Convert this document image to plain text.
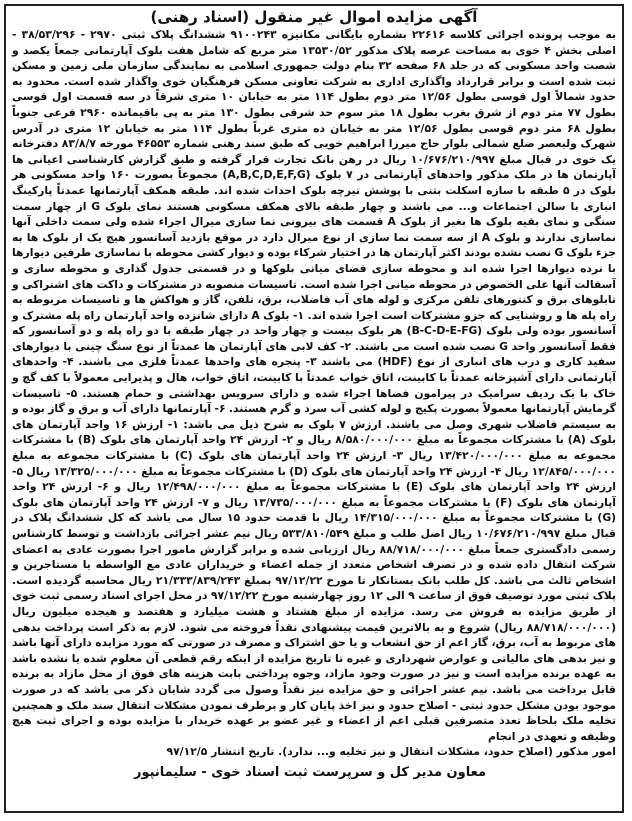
آگهی مزایده اموال غیر منقول (اسناد رهنی)
به موجب پرونده اجرائی کلاسه ۲۲۶۱۶ بشماره بایگانی مکانیزه ۹۱۰۰۲۴۳ ششدانگ پلاک ثبتی ۲۹۷۰ - ۳۸/۵۳/۲۹۶ - اصلی بخش ۴ خوی به مساحت عرصه پلاک مذکور ۱۳۵۳۰/۵۲ متر مربع که شامل هفت بلوک آپارتمانی جمعاً یکصد و شصت واحد مسکونی که در جلد ۶۸ صفحه ۳۲ بنام دولت جمهوری اسلامی به نمایندگی سازمان ملی زمین و مسکن ثبت شده است و برابر قرارداد واگذاری اداری به شرکت تعاونی مسکن فرهنگیان خوی واگذار شده است. محدود به حدود شمالاً اول قوسی بطول ۱۲/۵۶ متر دوم بطول ۱۱۴ متر به خیابان ۱۰ متری شرقاً در سه قسمت اول قوسی بطول ۷۷ متر دوم از شرق بغرب بطول ۱۸ متر سوم حد شرقی بطول ۱۳۰ متر به پی باقیمانده ۲۹۶۰ فرعی جنوباً بطول ۶۸ متر دوم قوسی بطول ۱۲/۵۶ متر به خیابان ده متری غرباً بطول ۱۱۴ متر به خیابان ۱۲ متری در آدرس شهرک ولیعصر ضلع شمالی بلوار حاج میرزا ابراهیم خویی که طبق سند رهنی شماره ۴۶۵۵۳ مورخه ۸۳/۸/۷ دفترخانه یک خوی در قبال مبلغ ۱۰/۶۷۶/۲۱۰/۹۹۷ ریال در رهن بانک تجارت قرار گرفته و طبق گزارش کارشناسی اعیانی ها آپارتمان ها در ملک مذکور واحدهای آپارتمانی در ۷ بلوک (A,B,C,D,E,F,G) مجموعاً بصورت ۱۶۰ واحد مسکونی هر بلوک در ۵ طبقه با سازه اسکلت بتنی با پوشش تیرچه بلوک احداث شده اند. طبقه همکف آپارتمانها عمدتاً پارکینگ انباری با سالن اجتماعات و... می باشند و چهار طبقه بالای همکف مسکونی هستند نمای بلوک G از چهار سمت سنگی و نمای بقیه بلوک ها بغیر از بلوک A قسمت های بیرونی نما سازی میرال اجراء شده ولی سمت داخلی آنها نماسازی ندارند و بلوک A از سه سمت نما سازی از نوع میرال دارد در موقع بازدید آسانسور هیچ یک از بلوک ها به جزء بلوک G نصب نشده بودند اکثر آپارتمان ها در اختیار شرکاء بوده و دیوار کشی محوطه با نماسازی طرفین دیوارها با نرده دیوارها اجرا شده اند و محوطه سازی فضای میانی بلوکها و در قسمتی جدول گذاری و محوطه سازی و آسفالت آنها علی الخصوص در محوطه میانی اجرا شده است. تاسیسات منصوبه در مشترکات و داکت های اشتراکی و تابلوهای برق و کنتورهای تلفن مرکزی و لوله های آب فاضلاب، برق، تلفن، گاز و هواکش ها و تاسیسات مربوطه به راه پله ها و روشنایی که جزو مشترکات است اجرا شده اند. ۱- بلوک A دارای شانزده واحد آپارتمان راه پله مشترک و آسانسور بوده ولی بلوک (B-C-D-E-FG) هر بلوک بیست و چهار واحد در چهار طبقه با دو راه پله و دو آسانسور که فقط آسانسور واحد G نصب شده است می باشند. ۲- کف لابی های آپارتمان ها عمدتاً از نوع سنگ چینی با دیوارهای سفید کاری و درب های انباری از نوع (HDF) می باشند ۳- پنجره های واحدها عمدتاً فلزی می باشند. ۴- واحدهای آپارتمانی دارای آشپزخانه عمدتاً با کابینت، اتاق خواب عمدتاً با کابینت، اتاق خواب، هال و پذیرایی معمولاً با کف گچ و خاک با یک ردیف سرامیک در پیرامون فضاها اجراء شده و دارای سرویس بهداشتی و حمام هستند. ۵- تاسیسات گرمایش آپارتمانها معمولاً بصورت پکیج و لوله کشی آب سرد و گرم هستند. ۶- آپارتمانها دارای آب و برق و گاز بوده و به سیستم فاضلاب شهری وصل می باشند. ارزش ۷ بلوک به شرح ذیل می باشد: ۱- ارزش ۱۶ واحد آپارتمان های بلوک (A) با مشترکات مجموعاً به مبلغ ۸/۵۸۰/۰۰۰/۰۰۰ ریال و ۲- ارزش ۲۴ واحد آپارتمان های بلوک (B) با مشترکات مجموعه به مبلغ ۱۳/۴۲۰/۰۰۰/۰۰۰ ریال ۳- ارزش ۲۴ واحد آپارتمان های بلوک (C) با مشترکات مجموعه به مبلغ ۱۲/۸۴۵/۰۰۰/۰۰۰ ریال ۴- ارزش ۲۴ واحد آپارتمان های بلوک (D) با مشترکات مجموعاً به مبلغ ۱۳/۳۲۵/۰۰۰/۰۰۰ ریال ۵- ارزش ۲۴ واحد آپارتمان های بلوک (E) با مشترکات مجموعاً به مبلغ ۱۲/۴۹۸/۰۰۰/۰۰۰ ریال و ۶- ارزش ۲۴ واحد آپارتمان های بلوک (F) با مشترکات مجموعاً به مبلغ ۱۳/۷۳۵/۰۰۰/۰۰۰ ریال و ۷- ارزش ۲۴ واحد آپارتمان های بلوک (G) با مشترکات مجموعاً به مبلغ ۱۴/۳۱۵/۰۰۰/۰۰۰ ریال با قدمت حدود ۱۵ سال می باشد که کل ششدانگ پلاک در قبال مبلغ ۱۰/۶۷۶/۲۱۰/۹۹۷ ریال اصل طلب و مبلغ ۵۳۳/۸۱۰/۵۴۹ ریال نیم عشر اجرائی بازداشت و توسط کارشناس رسمی دادگستری جمعاً مبلغ ۸۸/۷۱۸/۰۰۰/۰۰۰ ریال ارزیابی شده و برابر گزارش مامور اجرا بصورت عادی به اعضای شرکت انتقال داده شده و در تصرف اشخاص متعدد از جمله اعضاء و خریداران عادی مع الواسطه یا مستاجرین و اشخاص ثالث می باشد. کل طلب بانک بستانکار تا مورخ ۹۷/۱۲/۲۲ بمبلغ ۲۱/۳۳۳/۸۳۹/۲۴۳ ریال محاسبه گردیده است. پلاک ثبتی مورد توصیف فوق از ساعت ۹ الی ۱۲ روز چهارشنبه مورخ ۹۷/۱۲/۲۲ در محل اجرای اسناد رسمی ثبت خوی از طریق مزایده به فروش می رسد. مزایده از مبلغ هشتاد و هشت میلیارد و هفتصد و هیجده میلیون ریال (۸۸/۷۱۸/۰۰۰/۰۰۰ ریال) شروع و به بالاترین قیمت پیشنهادی نقداً فروخته می شود. لازم به ذکر است پرداخت بدهی های مربوط به آب، برق، گاز اعم از حق انشعاب و یا حق اشتراک و مصرف در صورتی که مورد مزایده دارای آنها باشد و نیز بدهی های مالیاتی و عوارض شهرداری و غیره تا تاریخ مزایده از اینکه رقم قطعی آن معلوم شده یا نشده باشد به عهده برنده مزایده است و نیز در صورت وجود مازاد، وجوه پرداختی بابت هزینه های فوق از محل مازاد به برنده قابل برداخت می باشد. نیم عشر اجرائی و حق مزایده نیز نقداً وصول می گردد شایان ذکر می باشد که در صورت موجود بودن مشکل حدود ثبتی - اصلاح حدود و نیز اخذ پایان کار و برطرف نمودن مشکلات انتقال سند ملک و همچنین تخلیه ملک بلحاظ تعدد متصرفین قبلی اعم از اعضاء و غیر عضو بر عهده خریدار با مزایده بوده و اجرای ثبت هیچ وظیفه و تعهدی در انجام
امور مذکور (اصلاح حدود، مشکلات انتقال و نیز تخلیه و... ندارد). تاریخ انتشار ۹۷/۱۲/۵
معاون مدیر کل و سرپرست ثبت اسناد خوی - سلیمانپور
